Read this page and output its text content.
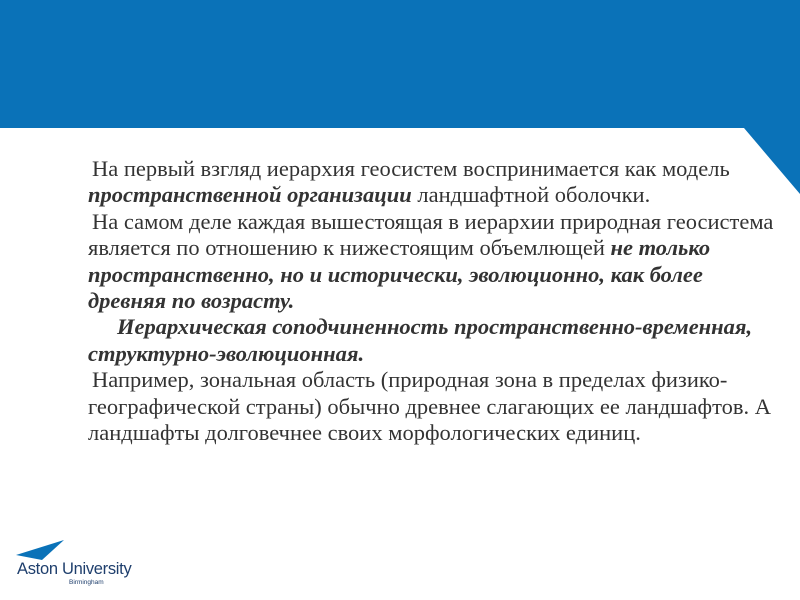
На первый взгляд иерархия геосистем воспринимается как модель пространственной организации ландшафтной оболочки.

На самом деле каждая вышестоящая в иерархии природная геосистема является по отношению к нижестоящим объемлющей не только пространственно, но и исторически, эволюционно, как более древняя по возрасту.

Иерархическая соподчиненность пространственно-временная, структурно-эволюционная.

Например, зональная область (природная зона в пределах физико-географической страны) обычно древнее слагающих ее ландшафтов. А ландшафты долговечнее своих морфологических единиц.

Aston University
Birmingham
